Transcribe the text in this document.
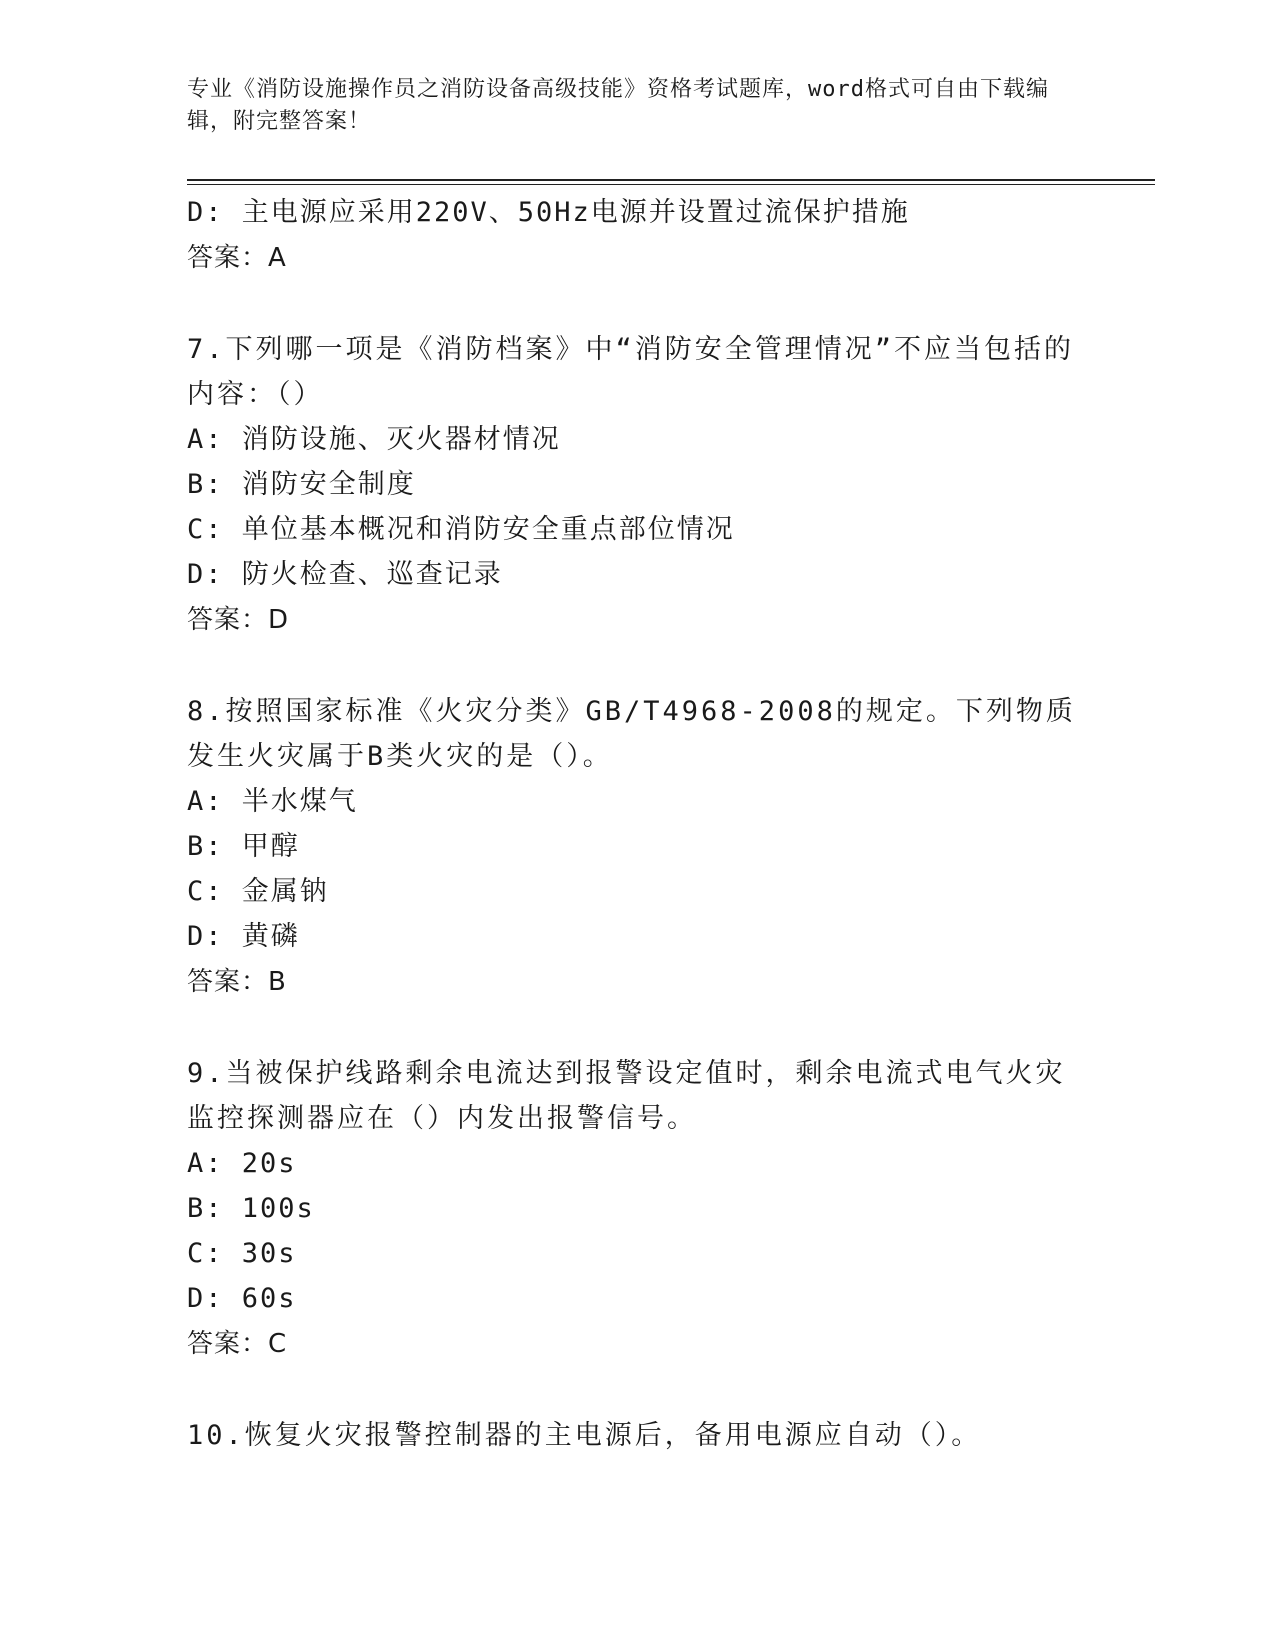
专业《消防设施操作员之消防设备高级技能》资格考试题库，word格式可自由下载编辑，附完整答案！
D: 主电源应采用220V、50Hz电源并设置过流保护措施
答案：A
7.下列哪一项是《消防档案》中“消防安全管理情况”不应当包括的内容：（）
A: 消防设施、灭火器材情况
B: 消防安全制度
C: 单位基本概况和消防安全重点部位情况
D: 防火检查、巡查记录
答案：D
8.按照国家标准《火灾分类》GB/T4968-2008的规定。下列物质发生火灾属于B类火灾的是（）。
A: 半水煤气
B: 甲醇
C: 金属钠
D: 黄磷
答案：B
9.当被保护线路剩余电流达到报警设定值时，剩余电流式电气火灾监控探测器应在（）内发出报警信号。
A: 20s
B: 100s
C: 30s
D: 60s
答案：C
10.恢复火灾报警控制器的主电源后，备用电源应自动（）。
